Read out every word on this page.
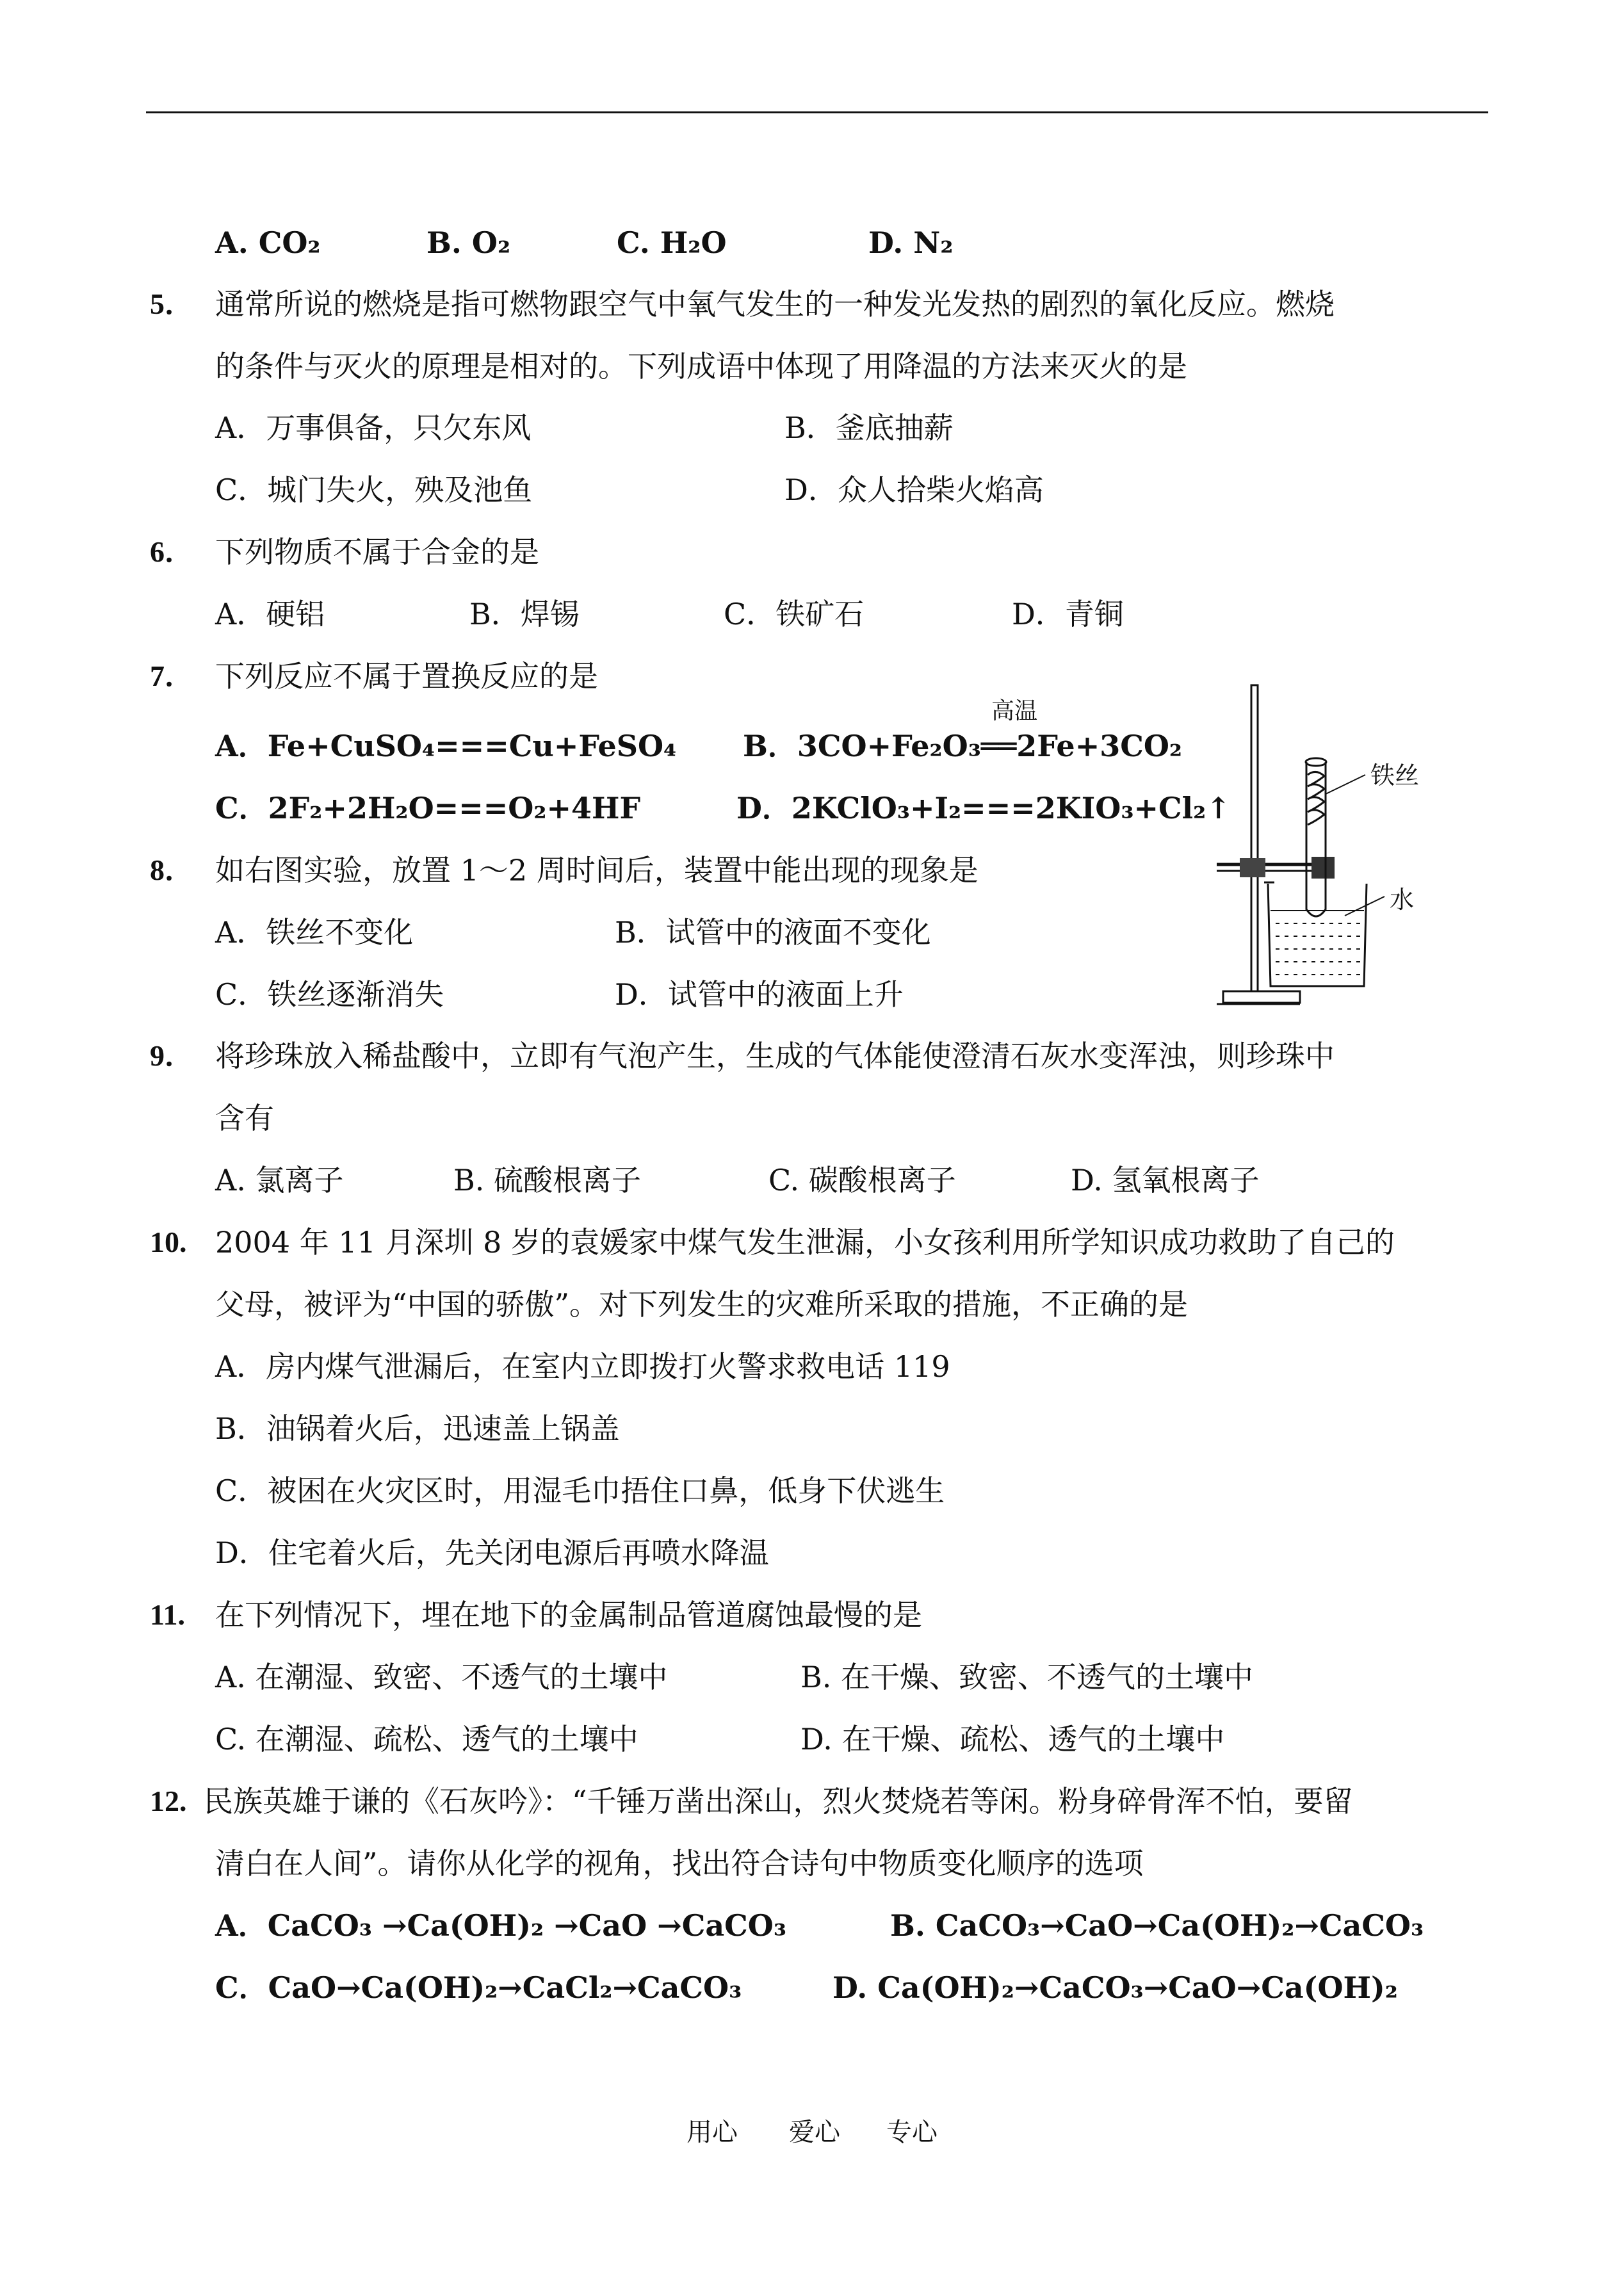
A. CO₂	B. O₂	C. H₂O	D. N₂
5． 通常所说的燃烧是指可燃物跟空气中氧气发生的一种发光发热的剧烈的氧化反应。燃烧
的条件与灭火的原理是相对的。下列成语中体现了用降温的方法来灭火的是
A．万事俱备，只欠东风	B．釜底抽薪
C．城门失火，殃及池鱼	D．众人拾柴火焰高
6． 下列物质不属于合金的是
A．硬铝	B．焊锡	C．铁矿石	D．青铜
7． 下列反应不属于置换反应的是
A．Fe+CuSO₄===Cu+FeSO₄ B．3CO+Fe₂O₃══2Fe+3CO₂
高温
C．2F₂+2H₂O===O₂+4HF	D．2KClO₃+I₂===2KIO₃+Cl₂↑
8． 如右图实验，放置 1～2 周时间后，装置中能出现的现象是
A．铁丝不变化	B．试管中的液面不变化
C．铁丝逐渐消失	D．试管中的液面上升
铁丝
水
9． 将珍珠放入稀盐酸中，立即有气泡产生，生成的气体能使澄清石灰水变浑浊，则珍珠中
含有
A. 氯离子	B. 硫酸根离子	C. 碳酸根离子	D. 氢氧根离子
10. 2004 年 11 月深圳 8 岁的袁媛家中煤气发生泄漏，小女孩利用所学知识成功救助了自己的
父母，被评为“中国的骄傲”。对下列发生的灾难所采取的措施，不正确的是
A．房内煤气泄漏后，在室内立即拨打火警求救电话 119
B．油锅着火后，迅速盖上锅盖
C．被困在火灾区时，用湿毛巾捂住口鼻，低身下伏逃生
D．住宅着火后，先关闭电源后再喷水降温
11. 在下列情况下，埋在地下的金属制品管道腐蚀最慢的是
A. 在潮湿、致密、不透气的土壤中	B. 在干燥、致密、不透气的土壤中
C. 在潮湿、疏松、透气的土壤中	D. 在干燥、疏松、透气的土壤中
12. 民族英雄于谦的《石灰吟》：“千锤万凿出深山，烈火焚烧若等闲。粉身碎骨浑不怕，要留
清白在人间”。请你从化学的视角，找出符合诗句中物质变化顺序的选项
A．CaCO₃ →Ca(OH)₂ →CaO →CaCO₃	B. CaCO₃→CaO→Ca(OH)₂→CaCO₃
C．CaO→Ca(OH)₂→CaCl₂→CaCO₃	D. Ca(OH)₂→CaCO₃→CaO→Ca(OH)₂
用心 爱心 专心
